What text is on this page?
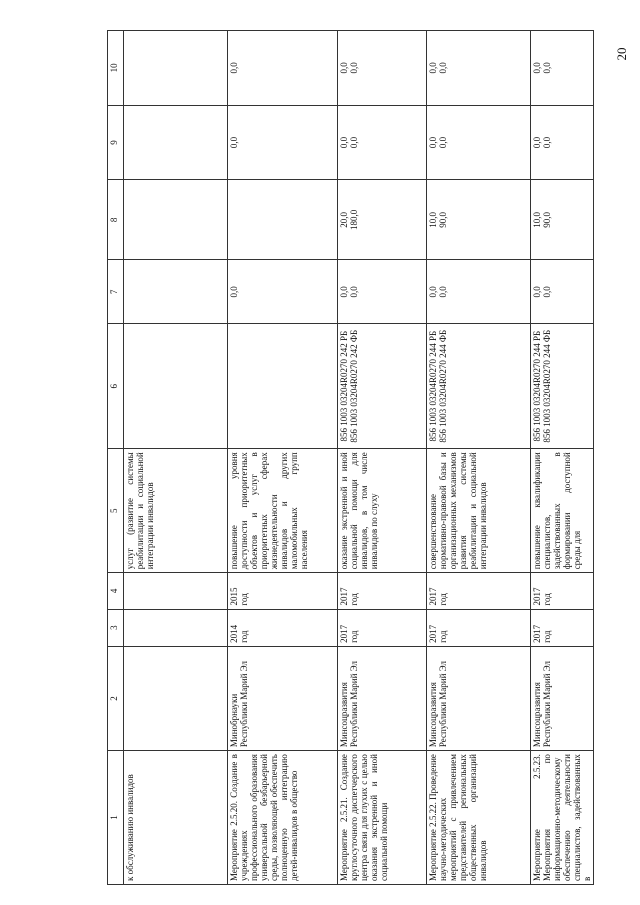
20
1	2	3	4	5	6	7	8	9	10
к обслуживанию инвалидов				услуг (развитие системы реабилитации и социальной интеграции инвалидов					
Мероприятие 2.5.20. Создание в учреждениях профессионального образования универсальной безбарьерной среды, позволяющей обеспечить полноценную интеграцию детей-инвалидов в общество	Минобрнауки Республики Марий Эл	2014 год	2015 год	повышение уровня доступности приоритетных объектов и услуг в приоритетных сферах жизнедеятельности инвалидов и других маломобильных групп населения		0,0		0,0	0,0

Мероприятие 2.5.21. Создание круглосуточного диспетчерского центра связи для глухих с целью оказания экстренной и иной социальной помощи	Минсоцразвития Республики Марий Эл	2017 год	2017 год	оказание экстренной и иной социальной помощи для инвалидов, в том числе инвалидов по слуху	856 1003 03204R0270 242 РБ 856 1003 03204R0270 242 ФБ	0,0 0,0	20,0 180,0	0,0 0,0	0,0 0,0

Мероприятие 2.5.22. Проведение научно-методических мероприятий с привлечением представителей региональных общественных организаций инвалидов	Минсоцразвития Республики Марий Эл	2017 год	2017 год	совершенствование нормативно-правовой базы и организационных механизмов развития системы реабилитации и социальной интеграции инвалидов	856 1003 03204R0270 244 РБ 856 1003 03204R0270 244 ФБ	0,0 0,0	10,0 90,0	0,0 0,0	0,0 0,0

Мероприятие 2.5.23. Мероприятия по информационно-методическому обеспечению деятельности специалистов, задействованных в	Минсоцразвития Республики Марий Эл	2017 год	2017 год	повышение квалификации специалистов, задействованных в формировании доступной среды для	856 1003 03204R0270 244 РБ 856 1003 03204R0270 244 ФБ	0,0 0,0	10,0 90,0	0,0 0,0	0,0 0,0
